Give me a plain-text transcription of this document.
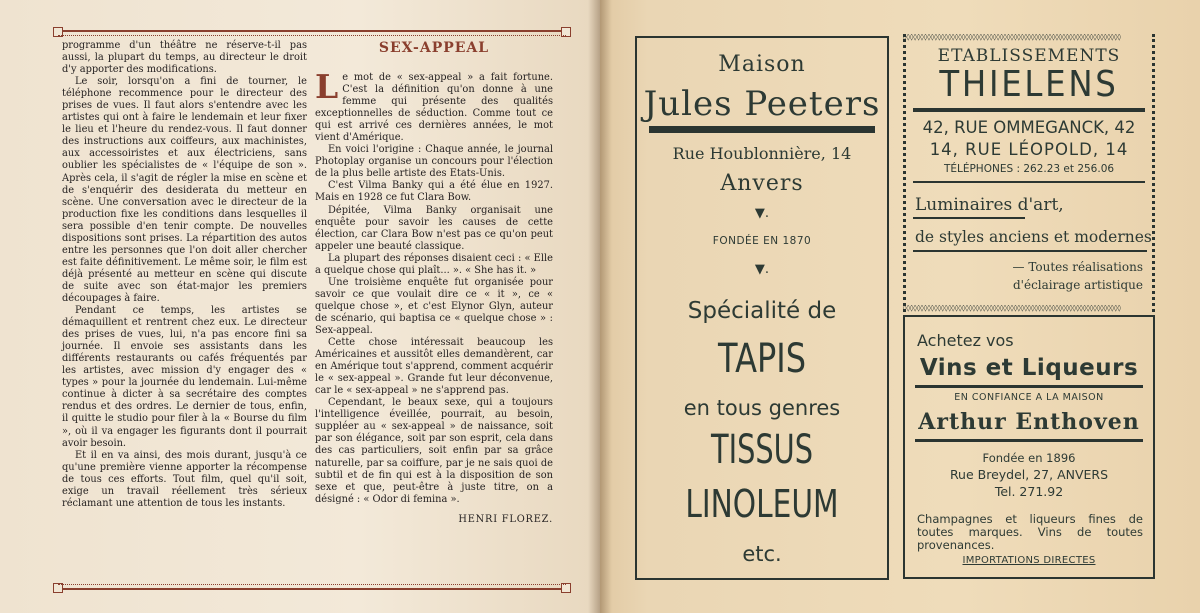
programme d'un théâtre ne réserve-t-il pas aussi, la plupart du temps, au directeur le droit d'y apporter des modifications.

Le soir, lorsqu'on a fini de tourner, le téléphone recommence pour le directeur des prises de vues. Il faut alors s'entendre avec les artistes qui ont à faire le lendemain et leur fixer le lieu et l'heure du rendez-vous. Il faut donner des instructions aux coiffeurs, aux machinistes, aux accessoiristes et aux électriciens, sans oublier les spécialistes de « l'équipe de son ». Après cela, il s'agit de régler la mise en scène et de s'enquérir des desiderata du metteur en scène. Une conversation avec le directeur de la production fixe les conditions dans lesquelles il sera possible d'en tenir compte. De nouvelles dispositions sont prises. La répartition des autos entre les personnes que l'on doit aller chercher est faite définitivement. Le même soir, le film est déjà présenté au metteur en scène qui discute de suite avec son état-major les premiers découpages à faire.

Pendant ce temps, les artistes se démaquillent et rentrent chez eux. Le directeur des prises de vues, lui, n'a pas encore fini sa journée. Il envoie ses assistants dans les différents restaurants ou cafés fréquentés par les artistes, avec mission d'y engager des « types » pour la journée du lendemain. Lui-même continue à dicter à sa secrétaire des comptes rendus et des ordres. Le dernier de tous, enfin, il quitte le studio pour filer à la « Bourse du film », où il va engager les figurants dont il pourrait avoir besoin.

Et il en va ainsi, des mois durant, jusqu'à ce qu'une première vienne apporter la récompense de tous ces efforts. Tout film, quel qu'il soit, exige un travail réellement très sérieux réclamant une attention de tous les instants.

SEX-APPEAL

Le mot de « sex-appeal » a fait fortune. C'est la définition qu'on donne à une femme qui présente des qualités exceptionnelles de séduction. Comme tout ce qui est arrivé ces dernières années, le mot vient d'Amérique.

En voici l'origine : Chaque année, le journal Photoplay organise un concours pour l'élection de la plus belle artiste des Etats-Unis.

C'est Vilma Banky qui a été élue en 1927. Mais en 1928 ce fut Clara Bow.

Dépitée, Vilma Banky organisait une enquête pour savoir les causes de cette élection, car Clara Bow n'est pas ce qu'on peut appeler une beauté classique.

La plupart des réponses disaient ceci : « Elle a quelque chose qui plaît... ». « She has it. »

Une troisième enquête fut organisée pour savoir ce que voulait dire ce « it », ce « quelque chose », et c'est Elynor Glyn, auteur de scénario, qui baptisa ce « quelque chose » : Sex-appeal.

Cette chose intéressait beaucoup les Américaines et aussitôt elles demandèrent, car en Amérique tout s'apprend, comment acquérir le « sex-appeal ». Grande fut leur déconvenue, car le « sex-appeal » ne s'apprend pas.

Cependant, le beaux sexe, qui a toujours l'intelligence éveillée, pourrait, au besoin, suppléer au « sex-appeal » de naissance, soit par son élégance, soit par son esprit, cela dans des cas particuliers, soit enfin par sa grâce naturelle, par sa coiffure, par je ne sais quoi de subtil et de fin qui est à la disposition de son sexe et que, peut-être à juste titre, on a désigné : « Odor di femina ».

HENRI FLOREZ.
Maison
Jules Peeters
Rue Houblonnière, 14
Anvers
▼.
FONDÉE EN 1870
▼.
Spécialité de
TAPIS
en tous genres
TISSUS
LINOLEUM
etc.
◊◊◊◊◊◊◊◊◊◊◊◊◊◊◊◊◊◊◊◊◊◊◊◊◊◊◊◊◊◊◊◊◊◊◊◊◊◊◊◊◊◊◊◊◊◊◊◊◊◊◊◊◊◊◊◊◊◊◊◊◊◊◊
◊◊◊◊◊◊◊◊◊◊◊◊◊◊◊◊◊◊◊◊◊◊◊◊◊◊◊◊◊◊◊◊◊◊◊◊◊◊◊◊◊◊◊◊◊◊◊◊◊◊◊◊◊◊◊◊◊◊◊◊◊◊◊
ETABLISSEMENTS
THIELENS
42, RUE OMMEGANCK, 42
14, RUE LÉOPOLD, 14
TÉLÉPHONES : 262.23 et 256.06
Luminaires d'art,
de styles anciens et modernes
— Toutes réalisations
d'éclairage artistique
Achetez vos
Vins et Liqueurs
EN CONFIANCE A LA MAISON
Arthur Enthoven
Fondée en 1896
Rue Breydel, 27, ANVERS
Tel. 271.92
Champagnes et liqueurs fines de toutes marques. Vins de toutes provenances.
IMPORTATIONS DIRECTES
